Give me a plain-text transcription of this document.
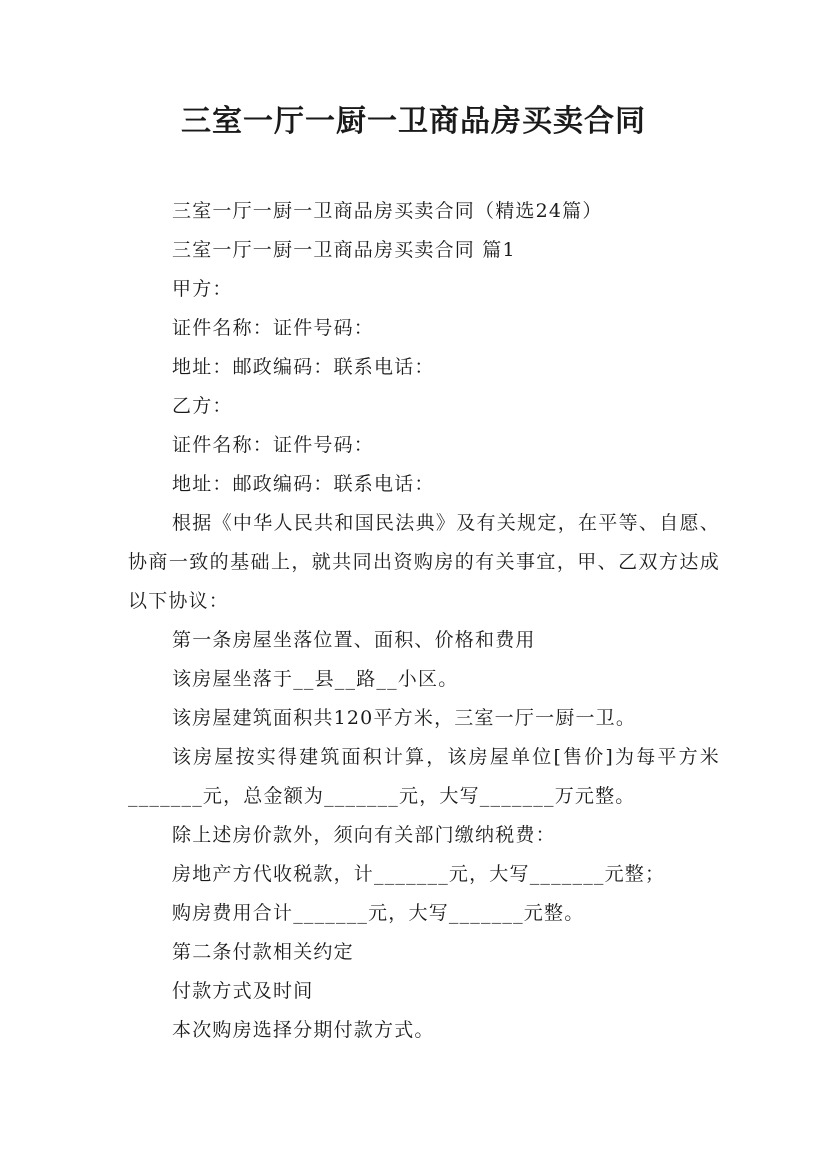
三室一厅一厨一卫商品房买卖合同

三室一厅一厨一卫商品房买卖合同（精选24篇）

三室一厅一厨一卫商品房买卖合同 篇1

甲方：

证件名称：证件号码：

地址：邮政编码：联系电话：

乙方：

证件名称：证件号码：

地址：邮政编码：联系电话：

根据《中华人民共和国民法典》及有关规定，在平等、自愿、协商一致的基础上，就共同出资购房的有关事宜，甲、乙双方达成以下协议：

第一条房屋坐落位置、面积、价格和费用

该房屋坐落于__县__路__小区。

该房屋建筑面积共120平方米，三室一厅一厨一卫。

该房屋按实得建筑面积计算，该房屋单位[售价]为每平方米_______元，总金额为_______元，大写_______万元整。

除上述房价款外，须向有关部门缴纳税费：

房地产方代收税款，计_______元，大写_______元整；

购房费用合计_______元，大写_______元整。

第二条付款相关约定

付款方式及时间

本次购房选择分期付款方式。
